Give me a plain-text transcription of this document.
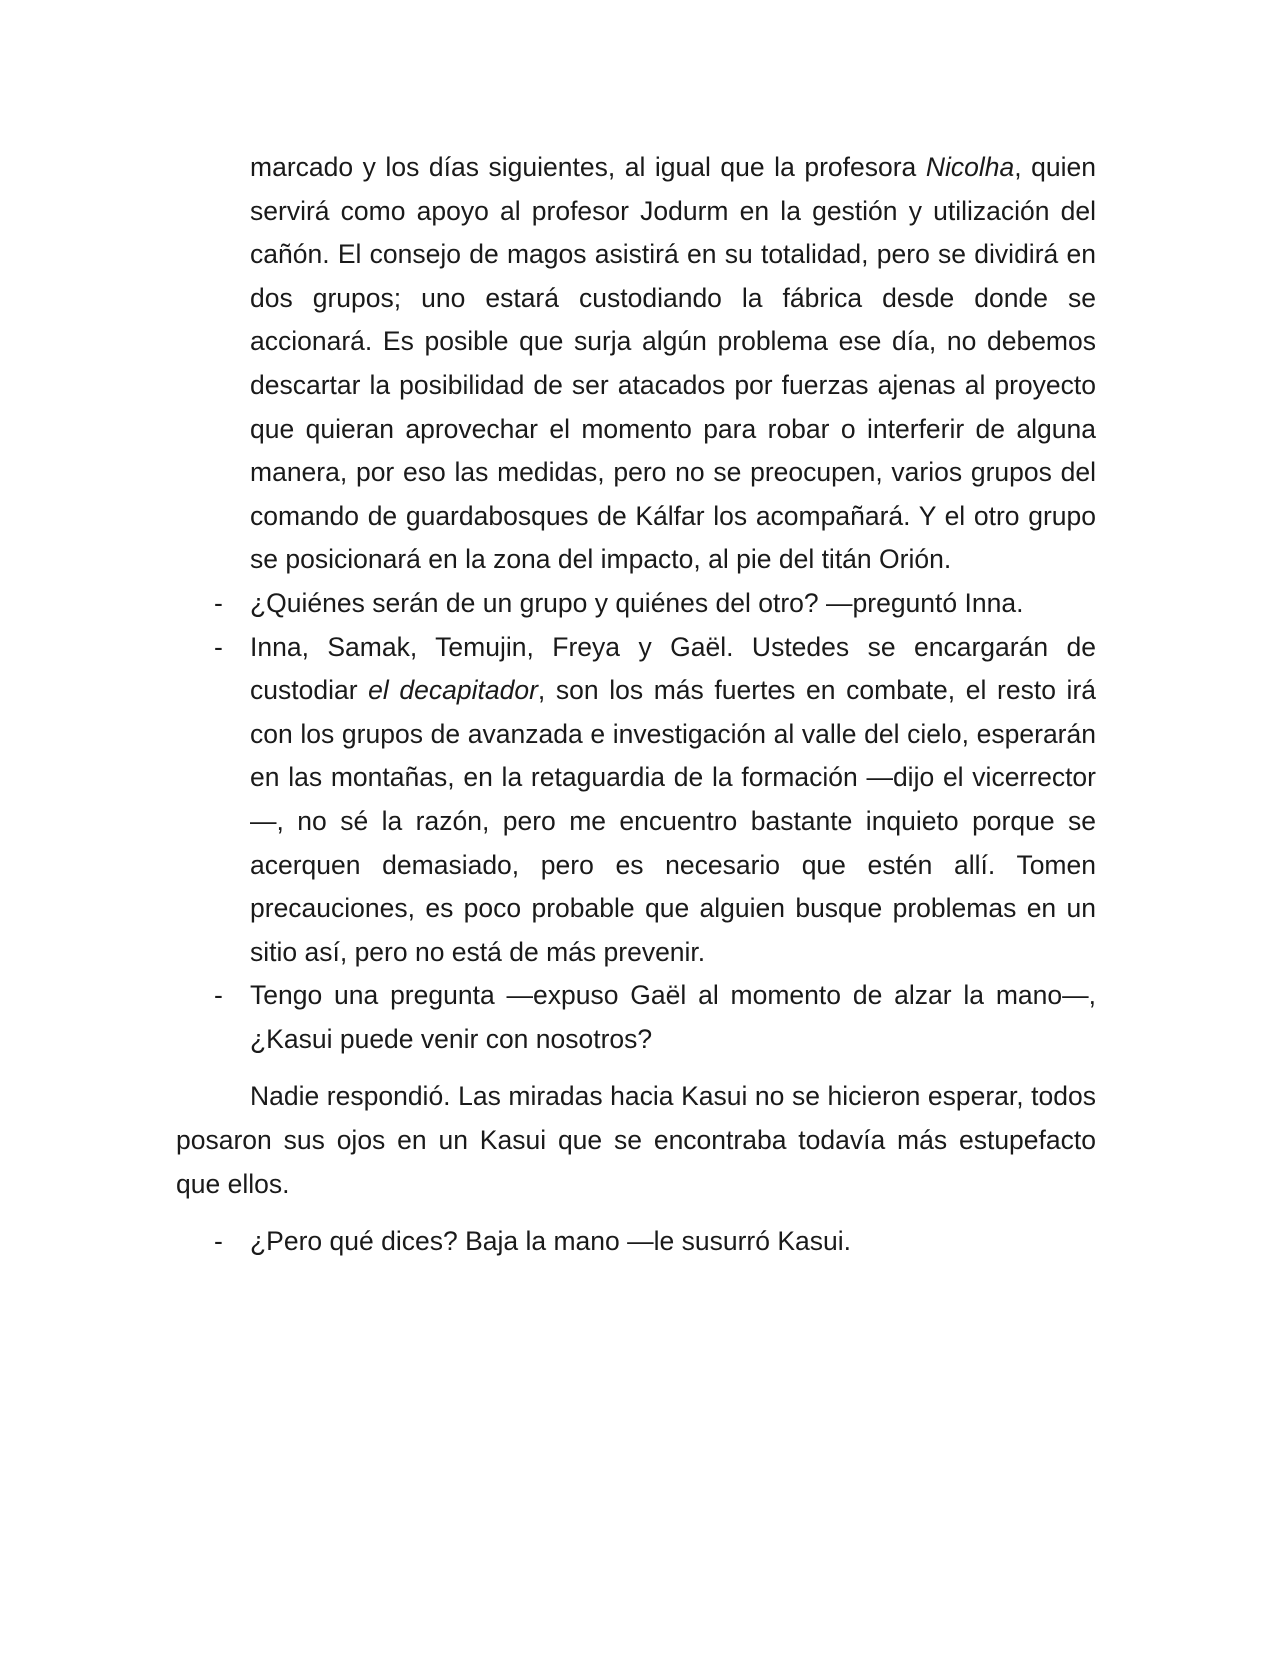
marcado y los días siguientes, al igual que la profesora Nicolha, quien servirá como apoyo al profesor Jodurm en la gestión y utilización del cañón. El consejo de magos asistirá en su totalidad, pero se dividirá en dos grupos; uno estará custodiando la fábrica desde donde se accionará. Es posible que surja algún problema ese día, no debemos descartar la posibilidad de ser atacados por fuerzas ajenas al proyecto que quieran aprovechar el momento para robar o interferir de alguna manera, por eso las medidas, pero no se preocupen, varios grupos del comando de guardabosques de Kálfar los acompañará. Y el otro grupo se posicionará en la zona del impacto, al pie del titán Orión.

- ¿Quiénes serán de un grupo y quiénes del otro? —preguntó Inna.

- Inna, Samak, Temujin, Freya y Gaël. Ustedes se encargarán de custodiar el decapitador, son los más fuertes en combate, el resto irá con los grupos de avanzada e investigación al valle del cielo, esperarán en las montañas, en la retaguardia de la formación —dijo el vicerrector—, no sé la razón, pero me encuentro bastante inquieto porque se acerquen demasiado, pero es necesario que estén allí. Tomen precauciones, es poco probable que alguien busque problemas en un sitio así, pero no está de más prevenir.

- Tengo una pregunta —expuso Gaël al momento de alzar la mano—, ¿Kasui puede venir con nosotros?

Nadie respondió. Las miradas hacia Kasui no se hicieron esperar, todos posaron sus ojos en un Kasui que se encontraba todavía más estupefacto que ellos.

- ¿Pero qué dices? Baja la mano —le susurró Kasui.
